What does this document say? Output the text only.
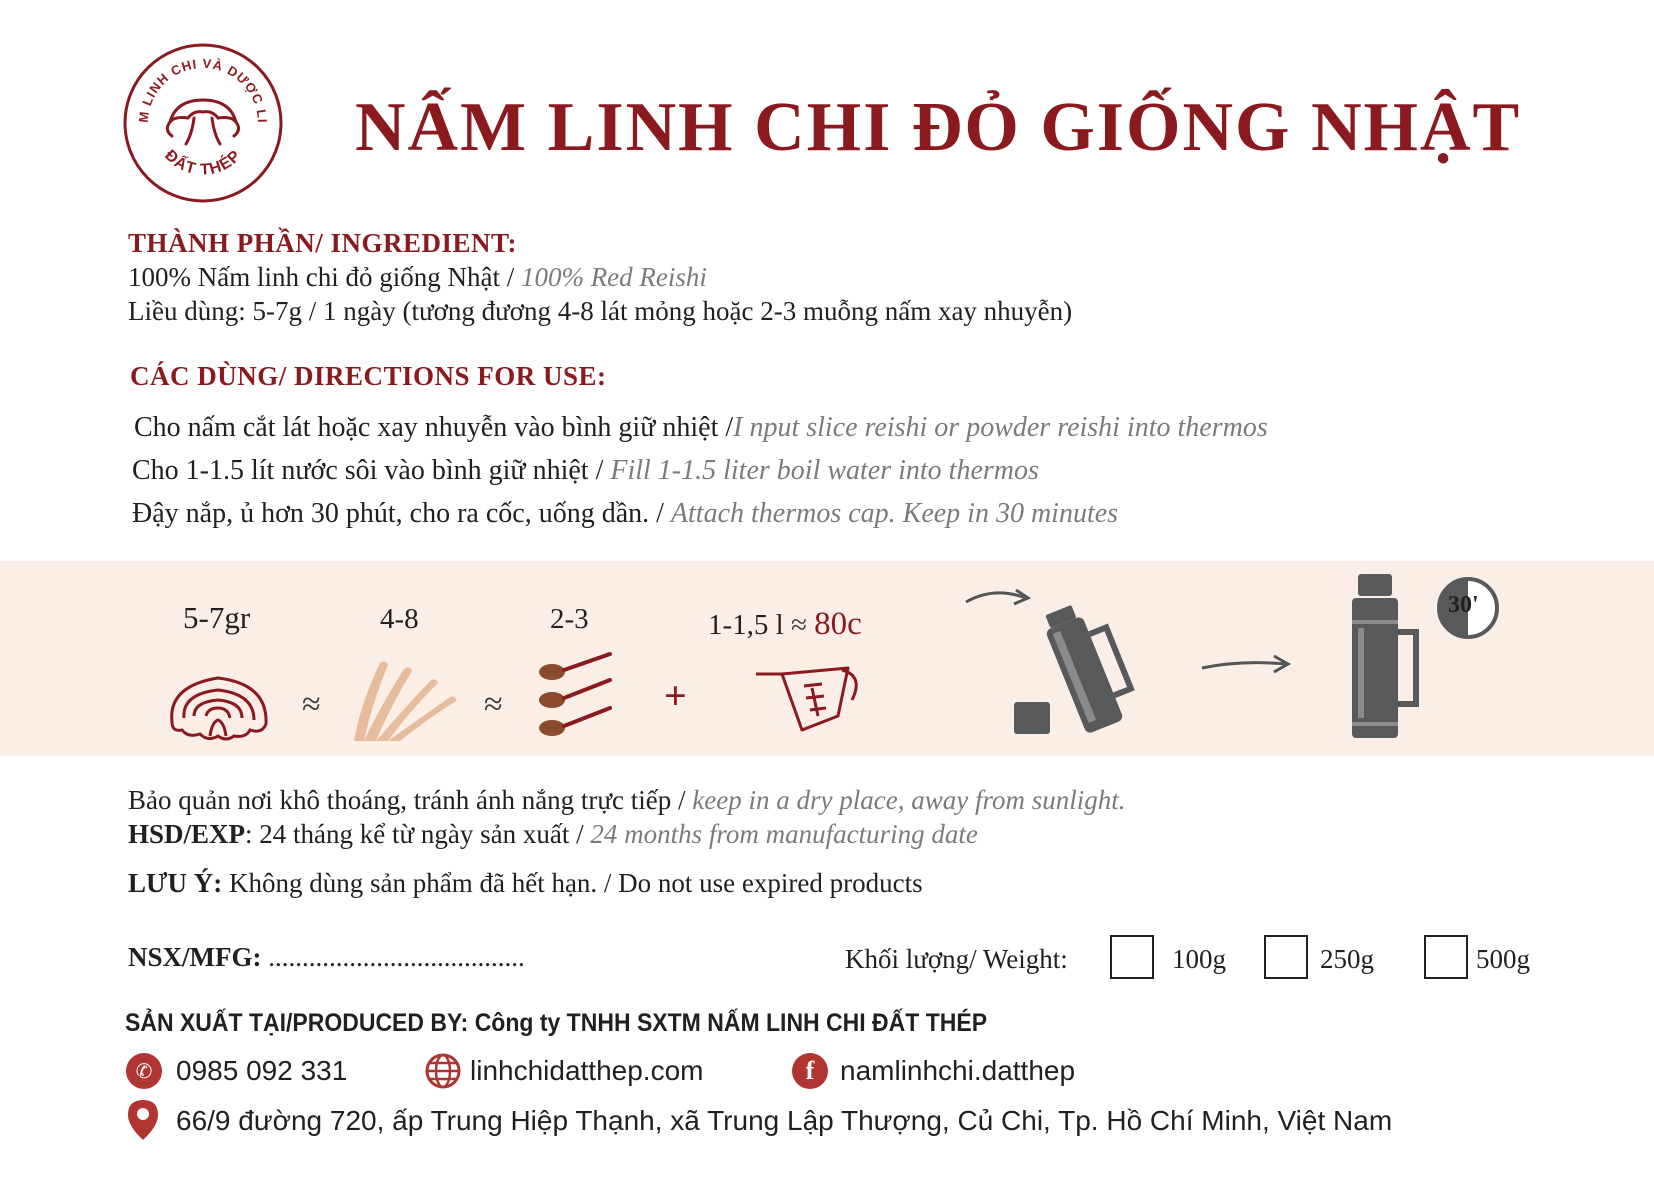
M LINH CHI VÀ DƯỢC LI
ĐẤT THÉP NẤM LINH CHI ĐỎ GIỐNG NHẬT
THÀNH PHẦN/ INGREDIENT:
100% Nấm linh chi đỏ giống Nhật / 100% Red Reishi
Liều dùng: 5-7g / 1 ngày (tương đương 4-8 lát mỏng hoặc 2-3 muỗng nấm xay nhuyễn)
CÁC DÙNG/ DIRECTIONS FOR USE:
Cho nấm cắt lát hoặc xay nhuyễn vào bình giữ nhiệt /I nput slice reishi or powder reishi into thermos
Cho 1-1.5 lít nước sôi vào bình giữ nhiệt / Fill 1-1.5 liter boil water into thermos
Đậy nắp, ủ hơn 30 phút, cho ra cốc, uống dần. / Attach thermos cap. Keep in 30 minutes
5-7gr	4-8	2-3	1-1,5 l ≈ 80c
≈	≈	+
30'
Bảo quản nơi khô thoáng, tránh ánh nắng trực tiếp / keep in a dry place, away from sunlight.
HSD/EXP: 24 tháng kể từ ngày sản xuất / 24 months from manufacturing date
LƯU Ý: Không dùng sản phẩm đã hết hạn. / Do not use expired products
NSX/MFG: ......................................	Khối lượng/ Weight:	100g	250g	500g
SẢN XUẤT TẠI/PRODUCED BY: Công ty TNHH SXTM NẤM LINH CHI ĐẤT THÉP
✆ 0985 092 331	linhchidatthep.com	f namlinhchi.datthep
66/9 đường 720, ấp Trung Hiệp Thạnh, xã Trung Lập Thượng, Củ Chi, Tp. Hồ Chí Minh, Việt Nam
